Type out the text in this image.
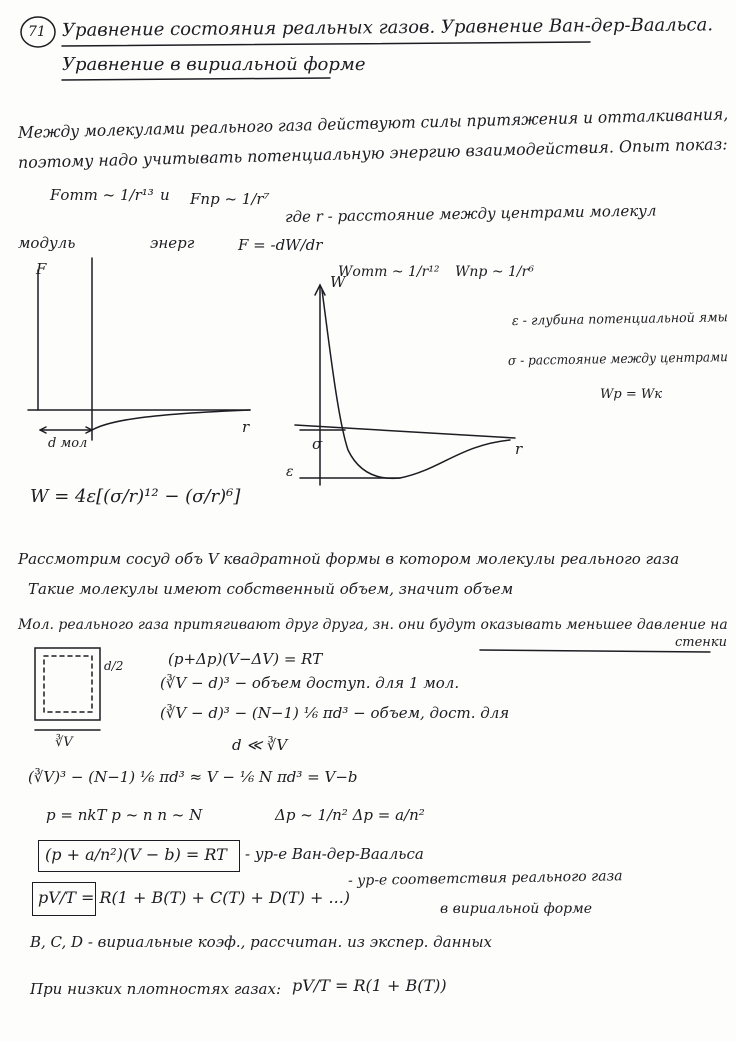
71 Уравнение состояния реальных газов. Уравнение Ван-дер-Ваальса.
Уравнение в вириальной форме
Между молекулами реального газа действуют силы притяжения и отталкивания,
поэтому надо учитывать потенциальную энергию взаимодействия. Опыт показ:
Fотт ~ 1/r¹³ и Fпр ~ 1/r⁷
где r - расстояние между центрами молекул
модуль	энерг	F = -dW/dr
Wотт ~ 1/r¹² Wпр ~ 1/r⁶
F
r
d мол
W
r
σ
ε
ε - глубина потенциальной ямы
σ - расстояние между центрами
Wp = Wк
W = 4ε[(σ/r)¹² − (σ/r)⁶]
Рассмотрим сосуд объ V квадратной формы в котором молекулы реального газа
Такие молекулы имеют собственный объем, значит объем
Мол. реального газа притягивают друг друга, зн. они будут оказывать меньшее давление на
стенки
d/2
∛V
(p+Δp)(V−ΔV) = RT
(∛V − d)³ − объем доступ. для 1 мол.
(∛V − d)³ − (N−1) ⅙ πd³ − объем, дост. для
d ≪ ∛V
(∛V)³ − (N−1) ⅙ πd³ ≈ V − ⅙ N πd³ = V−b
p = nkT p ~ n n ~ N	Δp ~ 1/n² Δp = a/n²
(p + a/n²)(V − b) = RT - ур-е Ван-дер-Ваальса
pV/T = R(1 + B(T) + C(T) + D(T) + ...)
- ур-е соответствия реального газа
в вириальной форме
B, C, D - вириальные коэф., рассчитан. из экспер. данных
При низких плотностях газах: pV/T = R(1 + B(T))
